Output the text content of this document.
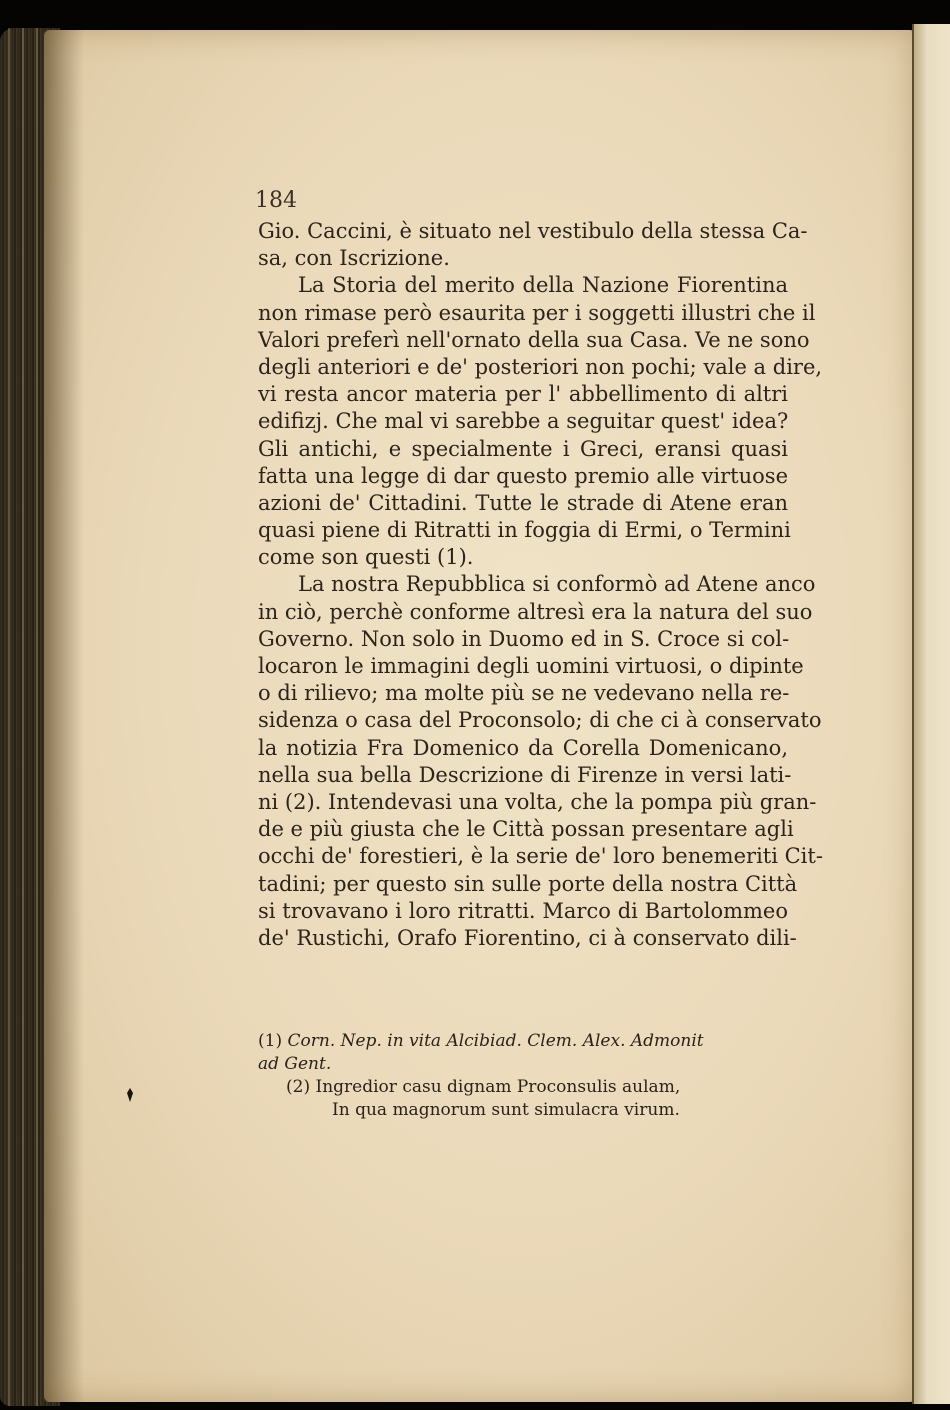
184
Gio. Caccini, è situato nel vestibulo della stessa Ca-
sa, con Iscrizione.
La Storia del merito della Nazione Fiorentina
non rimase però esaurita per i soggetti illustri che il
Valori preferì nell'ornato della sua Casa. Ve ne sono
degli anteriori e de' posteriori non pochi; vale a dire,
vi resta ancor materia per l' abbellimento di altri
edifizj. Che mal vi sarebbe a seguitar quest' idea?
Gli antichi, e specialmente i Greci, eransi quasi
fatta una legge di dar questo premio alle virtuose
azioni de' Cittadini. Tutte le strade di Atene eran
quasi piene di Ritratti in foggia di Ermi, o Termini
come son questi (1).
La nostra Repubblica si conformò ad Atene anco
in ciò, perchè conforme altresì era la natura del suo
Governo. Non solo in Duomo ed in S. Croce si col-
locaron le immagini degli uomini virtuosi, o dipinte
o di rilievo; ma molte più se ne vedevano nella re-
sidenza o casa del Proconsolo; di che ci à conservato
la notizia Fra Domenico da Corella Domenicano,
nella sua bella Descrizione di Firenze in versi lati-
ni (2). Intendevasi una volta, che la pompa più gran-
de e più giusta che le Città possan presentare agli
occhi de' forestieri, è la serie de' loro benemeriti Cit-
tadini; per questo sin sulle porte della nostra Città
si trovavano i loro ritratti. Marco di Bartolommeo
de' Rustichi, Orafo Fiorentino, ci à conservato dili-
(1) Corn. Nep. in vita Alcibiad. Clem. Alex. Admonit
ad Gent.
(2) Ingredior casu dignam Proconsulis aulam,
In qua magnorum sunt simulacra virum.
